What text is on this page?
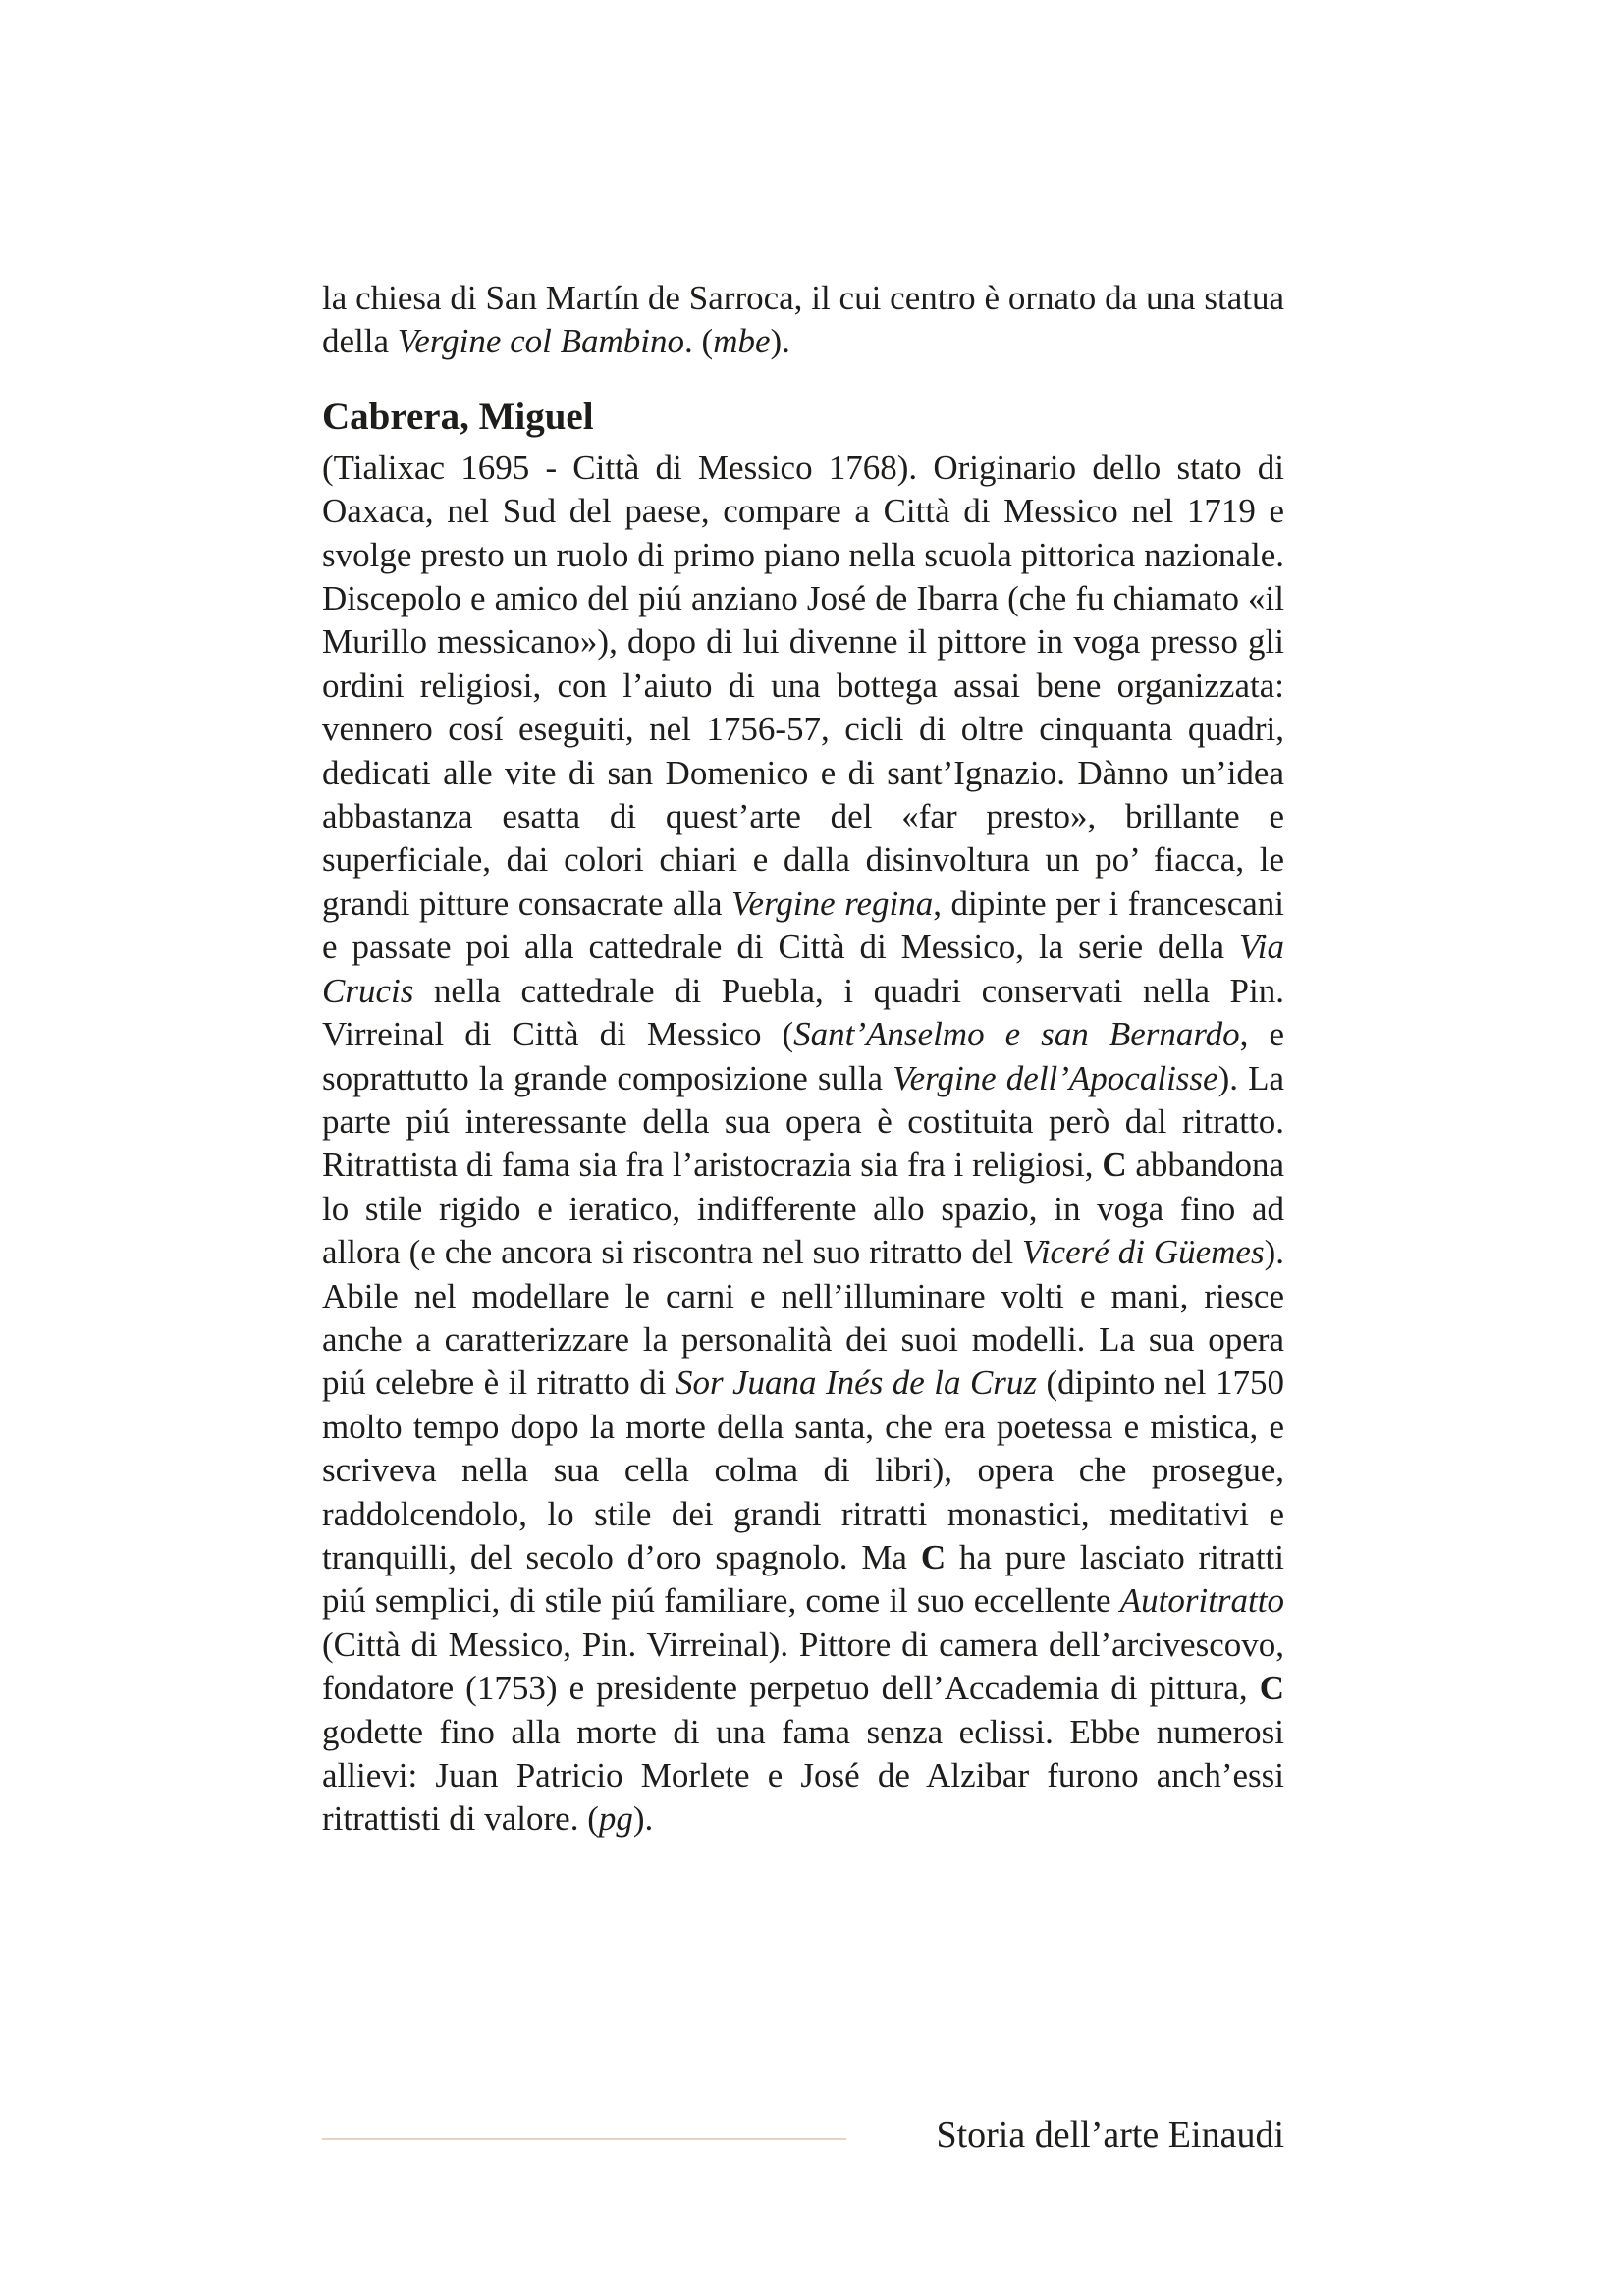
la chiesa di San Martín de Sarroca, il cui centro è ornato da una statua della Vergine col Bambino. (mbe).

Cabrera, Miguel

(Tialixac 1695 - Città di Messico 1768). Originario dello stato di Oaxaca, nel Sud del paese, compare a Città di Messico nel 1719 e svolge presto un ruolo di primo piano nella scuola pittorica nazionale. Discepolo e amico del piú anziano José de Ibarra (che fu chiamato «il Murillo messicano»), dopo di lui divenne il pittore in voga presso gli ordini religiosi, con l’aiuto di una bottega assai bene organizzata: vennero cosí eseguiti, nel 1756-57, cicli di oltre cinquanta quadri, dedicati alle vite di san Domenico e di sant’Ignazio. Dànno un’idea abbastanza esatta di quest’arte del «far presto», brillante e superficiale, dai colori chiari e dalla disinvoltura un po’ fiacca, le grandi pitture consacrate alla Vergine regina, dipinte per i francescani e passate poi alla cattedrale di Città di Messico, la serie della Via Crucis nella cattedrale di Puebla, i quadri conservati nella Pin. Virreinal di Città di Messico (Sant’Anselmo e san Bernardo, e soprattutto la grande composizione sulla Vergine dell’Apocalisse). La parte piú interessante della sua opera è costituita però dal ritratto. Ritrattista di fama sia fra l’aristocrazia sia fra i religiosi, C abbandona lo stile rigido e ieratico, indifferente allo spazio, in voga fino ad allora (e che ancora si riscontra nel suo ritratto del Viceré di Güemes). Abile nel modellare le carni e nell’illuminare volti e mani, riesce anche a caratterizzare la personalità dei suoi modelli. La sua opera piú celebre è il ritratto di Sor Juana Inés de la Cruz (dipinto nel 1750 molto tempo dopo la morte della santa, che era poetessa e mistica, e scriveva nella sua cella colma di libri), opera che prosegue, raddolcendolo, lo stile dei grandi ritratti monastici, meditativi e tranquilli, del secolo d’oro spagnolo. Ma C ha pure lasciato ritratti piú semplici, di stile piú familiare, come il suo eccellente Autoritratto (Città di Messico, Pin. Virreinal). Pittore di camera dell’arcivescovo, fondatore (1753) e presidente perpetuo dell’Accademia di pittura, C godette fino alla morte di una fama senza eclissi. Ebbe numerosi allievi: Juan Patricio Morlete e José de Alzibar furono anch’essi ritrattisti di valore. (pg).

Storia dell’arte Einaudi
